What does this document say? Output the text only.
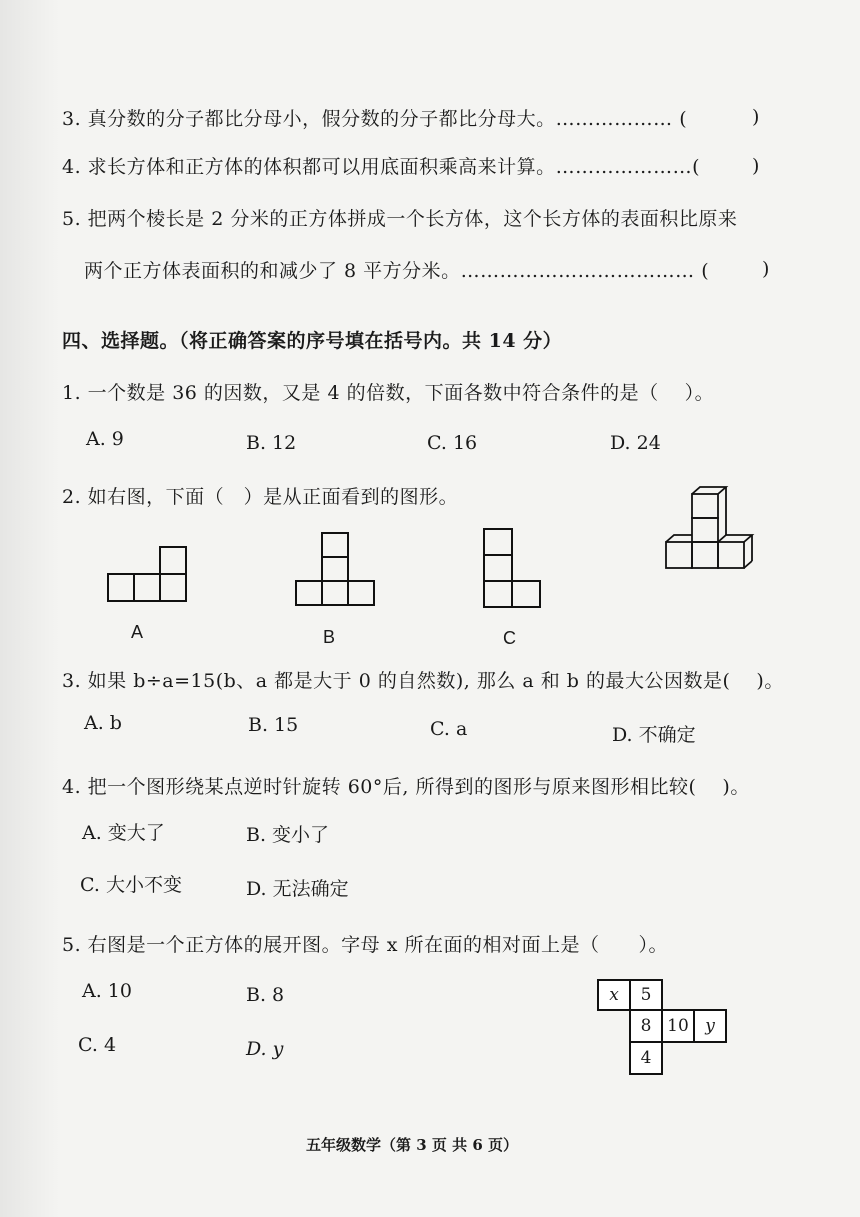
3. 真分数的分子都比分母小，假分数的分子都比分母大。……………… (	)
4. 求长方体和正方体的体积都可以用底面积乘高来计算。…………………(	)
5. 把两个棱长是 2 分米的正方体拼成一个长方体，这个长方体的表面积比原来
两个正方体表面积的和减少了 8 平方分米。……………………………… (	)
四、选择题。（将正确答案的序号填在括号内。共 14 分）
1. 一个数是 36 的因数，又是 4 的倍数，下面各数中符合条件的是（　 ）。
A. 9	B. 12	C. 16	D. 24
2. 如右图，下面（　）是从正面看到的图形。
A	B	C
3. 如果 b÷a=15(b、a 都是大于 0 的自然数), 那么 a 和 b 的最大公因数是(　 )。
A. b	B. 15	C. a	D. 不确定
4. 把一个图形绕某点逆时针旋转 60°后, 所得到的图形与原来图形相比较(　 )。
A. 变大了	B. 变小了
C. 大小不变	D. 无法确定
5. 右图是一个正方体的展开图。字母 x 所在面的相对面上是（　　）。
A. 10	B. 8
C. 4	D. y
x	5
8 10 y
4
五年级数学（第 3 页 共 6 页）
